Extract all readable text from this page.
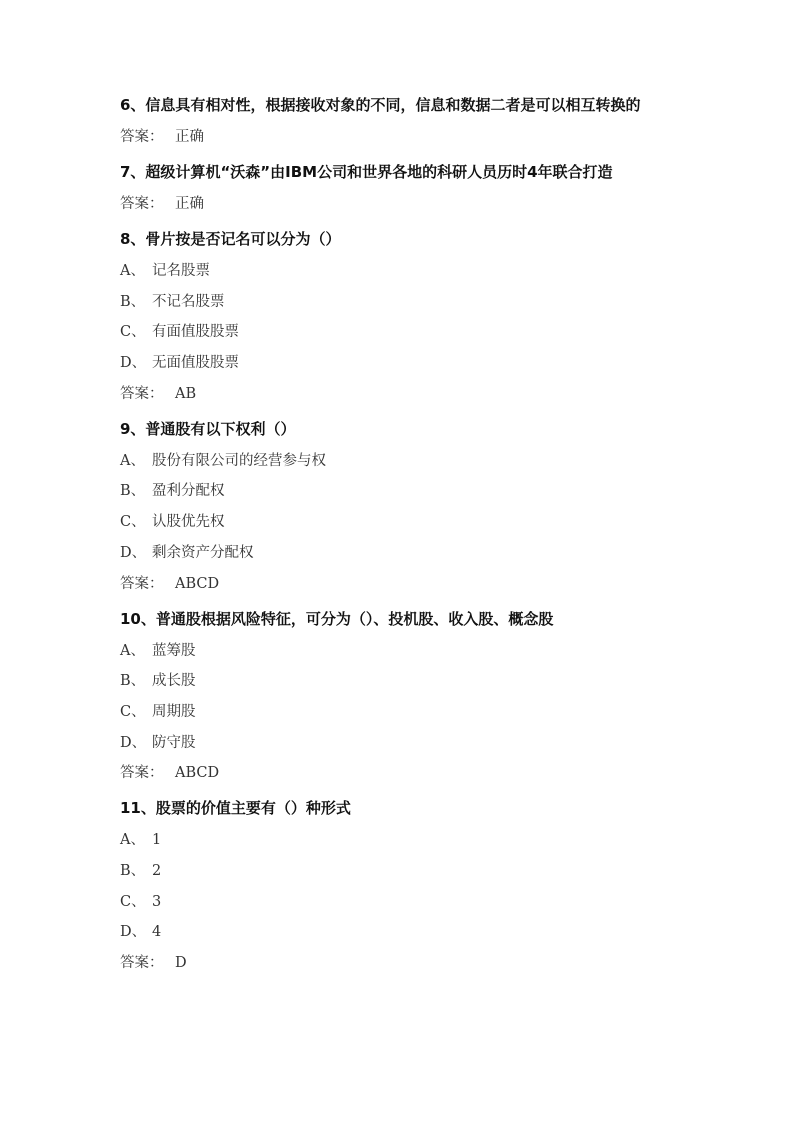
6、信息具有相对性，根据接收对象的不同，信息和数据二者是可以相互转换的

答案： 正确

7、超级计算机“沃森”由IBM公司和世界各地的科研人员历时4年联合打造

答案： 正确

8、骨片按是否记名可以分为（）

A、 记名股票

B、 不记名股票

C、 有面值股股票

D、 无面值股股票

答案： AB

9、普通股有以下权利（）

A、 股份有限公司的经营参与权

B、 盈利分配权

C、 认股优先权

D、 剩余资产分配权

答案： ABCD

10、普通股根据风险特征，可分为（）、投机股、收入股、概念股

A、 蓝筹股

B、 成长股

C、 周期股

D、 防守股

答案： ABCD

11、股票的价值主要有（）种形式

A、 1

B、 2

C、 3

D、 4

答案： D
